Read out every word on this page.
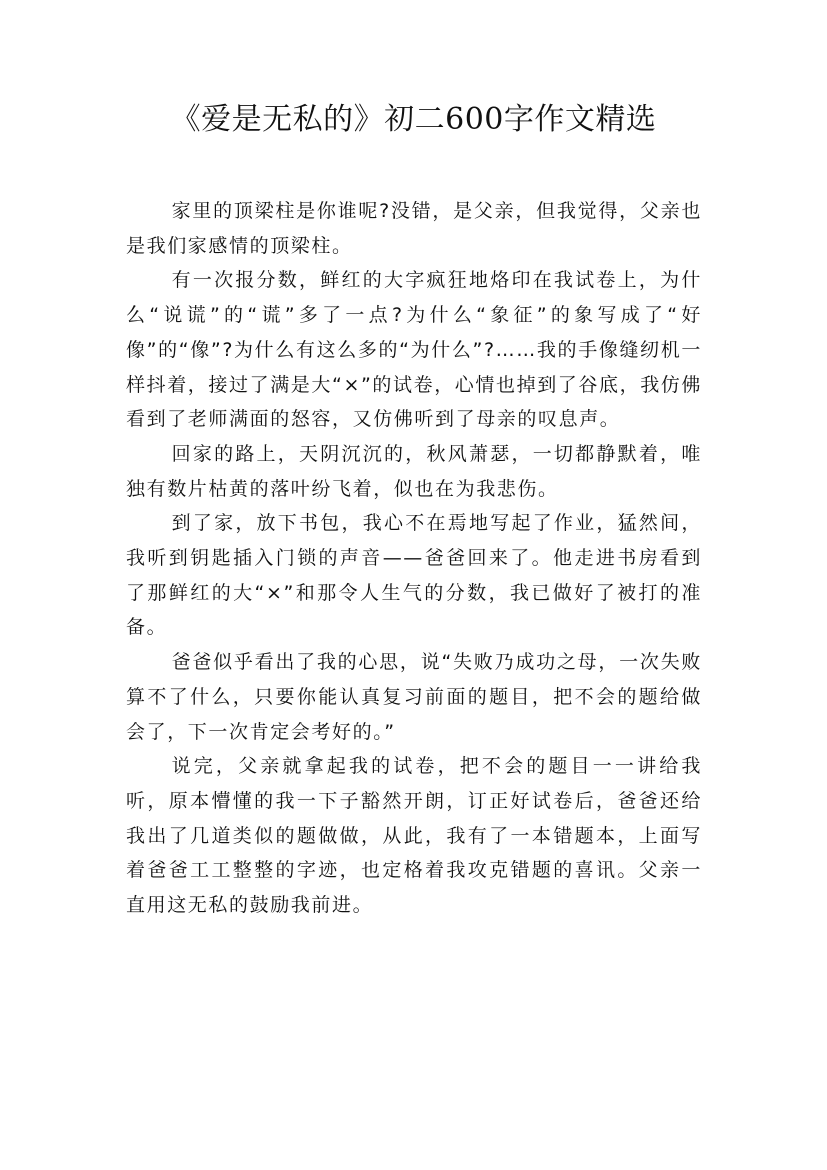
《爱是无私的》初二600字作文精选

家里的顶梁柱是你谁呢?没错，是父亲，但我觉得，父亲也是我们家感情的顶梁柱。

有一次报分数，鲜红的大字疯狂地烙印在我试卷上，为什么“说谎”的“谎”多了一点?为什么“象征”的象写成了“好像”的“像”?为什么有这么多的“为什么”?……我的手像缝纫机一样抖着，接过了满是大“×”的试卷，心情也掉到了谷底，我仿佛看到了老师满面的怒容，又仿佛听到了母亲的叹息声。

回家的路上，天阴沉沉的，秋风萧瑟，一切都静默着，唯独有数片枯黄的落叶纷飞着，似也在为我悲伤。

到了家，放下书包，我心不在焉地写起了作业，猛然间，我听到钥匙插入门锁的声音——爸爸回来了。他走进书房看到了那鲜红的大“×”和那令人生气的分数，我已做好了被打的准备。

爸爸似乎看出了我的心思，说“失败乃成功之母，一次失败算不了什么，只要你能认真复习前面的题目，把不会的题给做会了，下一次肯定会考好的。”

说完，父亲就拿起我的试卷，把不会的题目一一讲给我听，原本懵懂的我一下子豁然开朗，订正好试卷后，爸爸还给我出了几道类似的题做做，从此，我有了一本错题本，上面写着爸爸工工整整的字迹，也定格着我攻克错题的喜讯。父亲一直用这无私的鼓励我前进。
